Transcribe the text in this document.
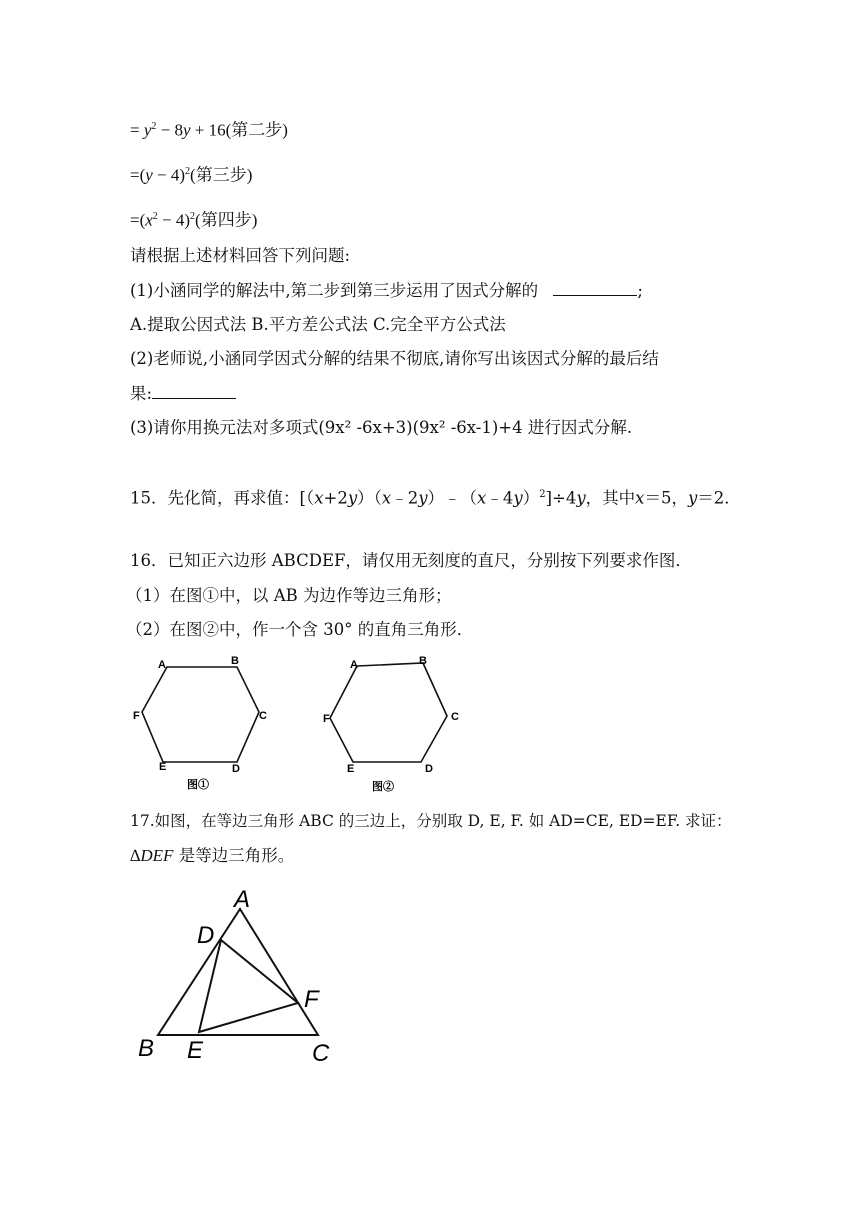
= $y^2 - 8y + 16$(第二步)
$=(y - 4)^2$(第三步)
$=(x^2 - 4)^2$(第四步)
请根据上述材料回答下列问题:
(1)小涵同学的解法中,第二步到第三步运用了因式分解的	;
A.提取公因式法 B.平方差公式法 C.完全平方公式法
(2)老师说,小涵同学因式分解的结果不彻底,请你写出该因式分解的最后结
果:
(3)请你用换元法对多项式(9x² -6x+3)(9x² -6x-1)+4 进行因式分解.
15．先化简，再求值：[（x+2y）（x﹣2y）﹣（x﹣4y）$^2$]÷4y，其中x＝5，y＝2．
16．已知正六边形 ABCDEF，请仅用无刻度的直尺，分别按下列要求作图．
（1）在图①中，以 AB 为边作等边三角形；
（2）在图②中，作一个含 30° 的直角三角形．
A	B
C
D
E
F
图①
A	B
C
D
E
F
图②
17.如图，在等边三角形 ABC 的三边上，分别取 D, E, F. 如 AD=CE, ED=EF. 求证：
∆DEF 是等边三角形。
A
B	C
D
E
F
